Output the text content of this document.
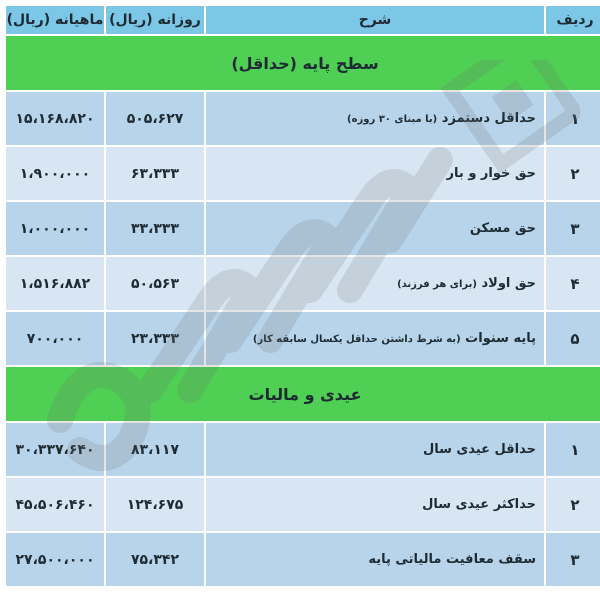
ردیف	شرح	روزانه (ریال)	ماهیانه (ریال)
سطح پایه (حداقل)			
۱	حداقل دستمزد (با مبنای ۳۰ روزه)	۵۰۵،۶۲۷	۱۵،۱۶۸،۸۲۰
۲	حق خوار و بار	۶۳،۳۳۳	۱،۹۰۰،۰۰۰
۳	حق مسکن	۳۳،۳۳۳	۱،۰۰۰،۰۰۰
۴	حق اولاد (برای هر فرزند)	۵۰،۵۶۳	۱،۵۱۶،۸۸۲
۵	پایه سنوات (به شرط داشتن حداقل یکسال سابقه کار)	۲۳،۳۳۳	۷۰۰،۰۰۰
عیدی و مالیات			
۱	حداقل عیدی سال	۸۳،۱۱۷	۳۰،۳۳۷،۶۴۰
۲	حداکثر عیدی سال	۱۲۴،۶۷۵	۴۵،۵۰۶،۴۶۰
۳	سقف معافیت مالیاتی پایه	۷۵،۳۴۲	۲۷،۵۰۰،۰۰۰
